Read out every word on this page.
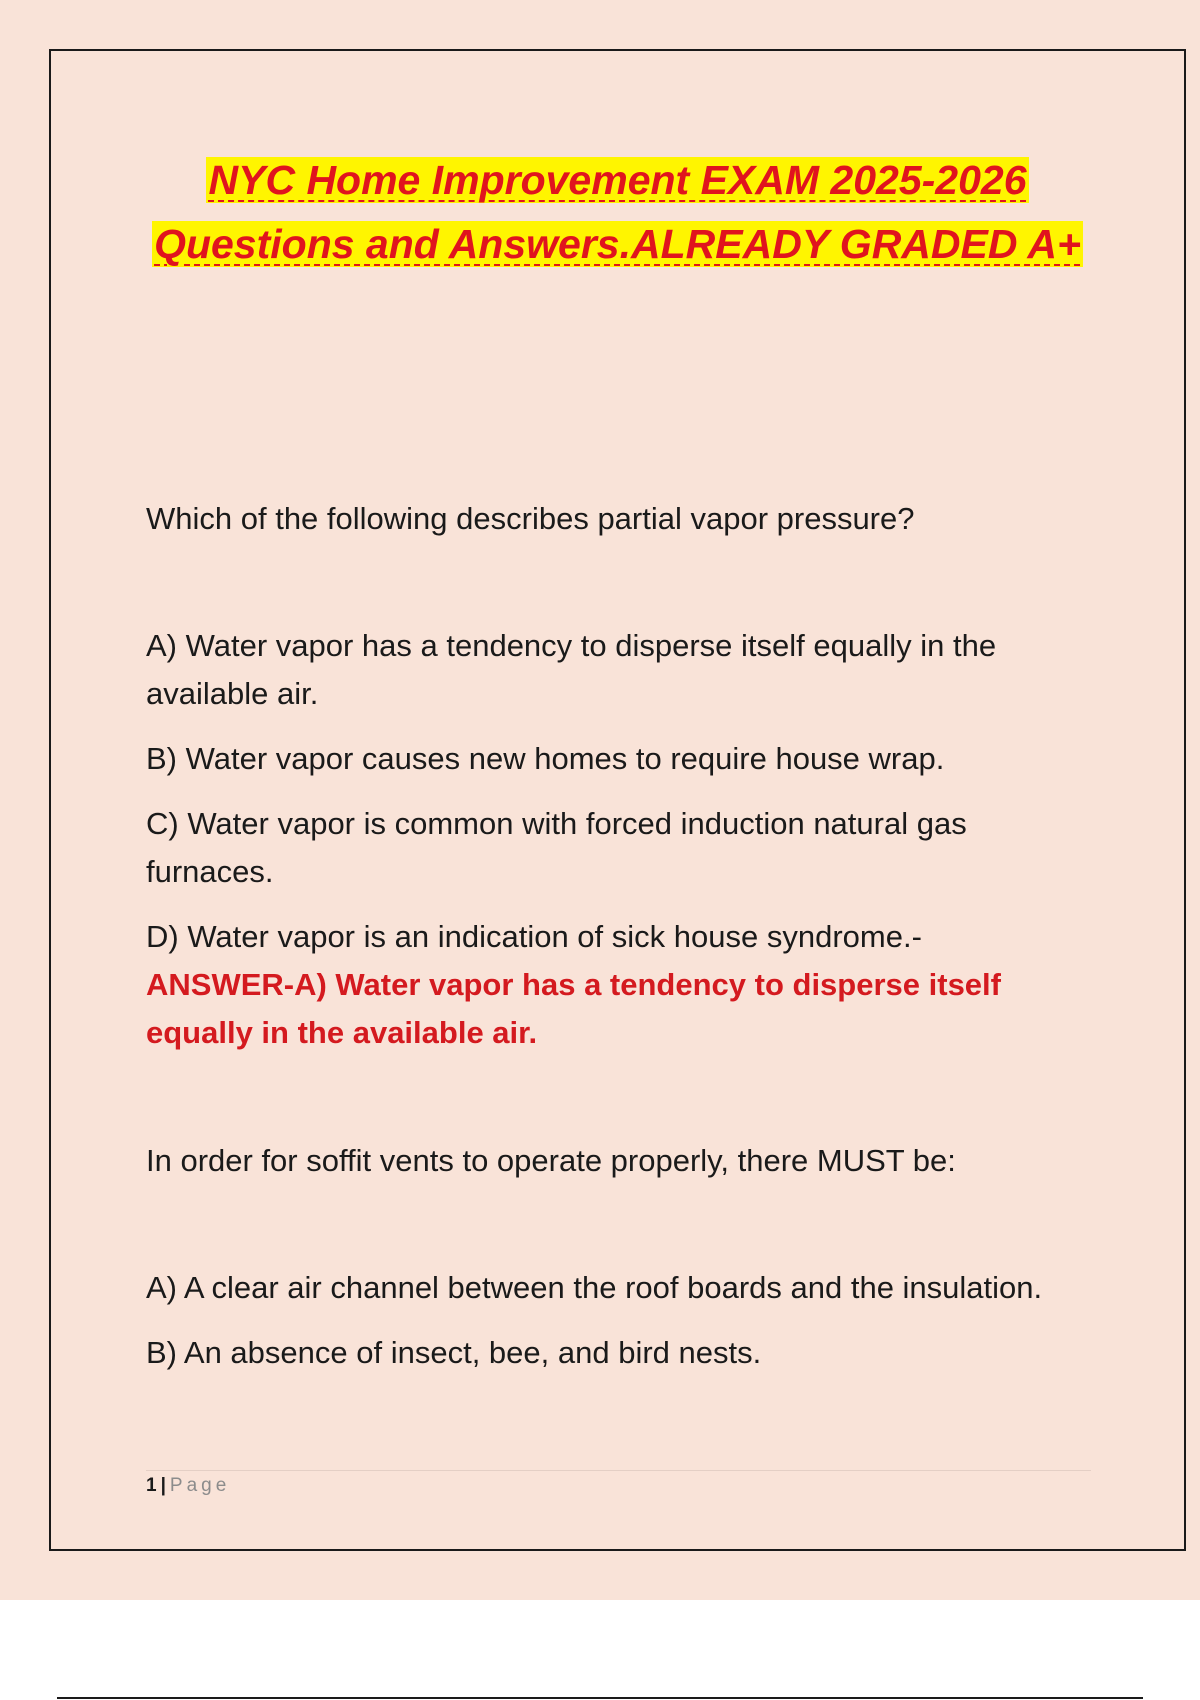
NYC Home Improvement EXAM 2025-2026
Questions and Answers.ALREADY GRADED A+

Which of the following describes partial vapor pressure?

A) Water vapor has a tendency to disperse itself equally in the available air.

B) Water vapor causes new homes to require house wrap.

C) Water vapor is common with forced induction natural gas furnaces.

D) Water vapor is an indication of sick house syndrome.-
ANSWER-A) Water vapor has a tendency to disperse itself equally in the available air.

In order for soffit vents to operate properly, there MUST be:

A) A clear air channel between the roof boards and the insulation.

B) An absence of insect, bee, and bird nests.

1 | Page
